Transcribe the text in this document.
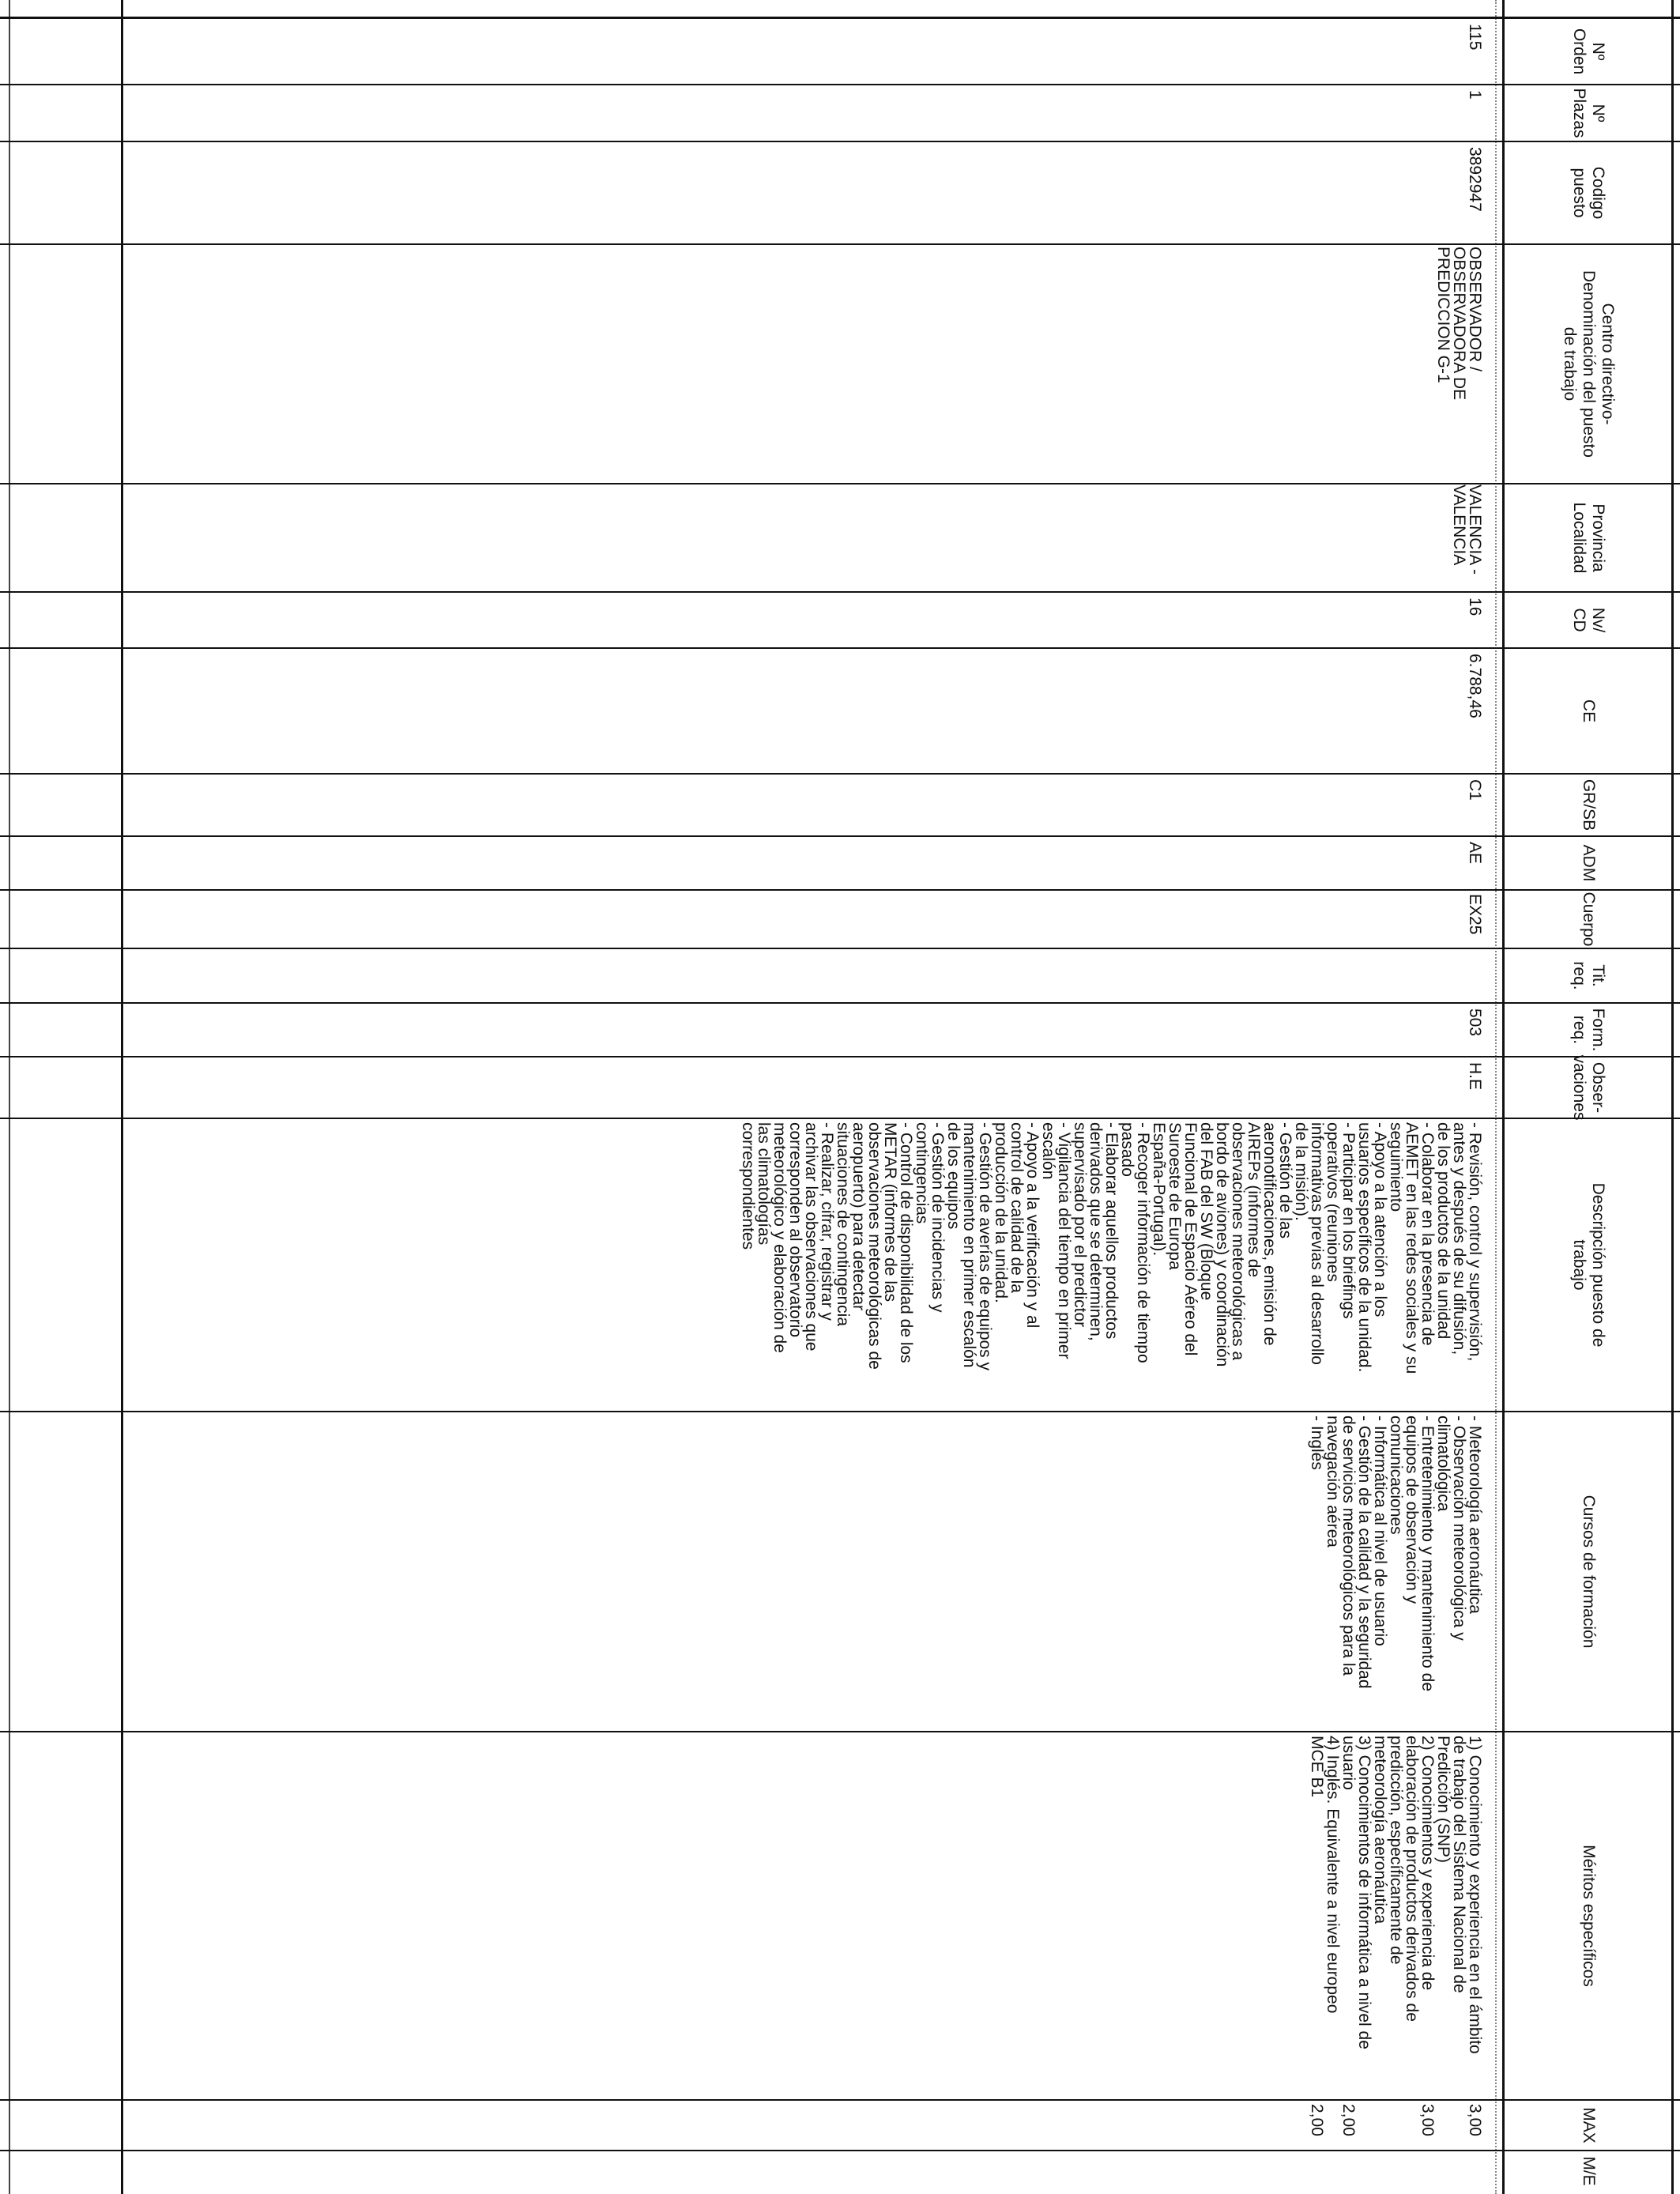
Nº
Orden
Nº
Plazas
Codigo
puesto
Centro directivo-
Denominación del puesto
de trabajo
Provincia
Localidad
Nv/
CD
CE
GR/SB
ADM
Cuerpo
Tit.
req.
Form.
req.
Obser-
vaciones
Descripción puesto de
trabajo
Cursos de formación
Méritos específicos
MAX
M/E
115
1
3892947
OBSERVADOR /
OBSERVADORA DE
PREDICCION G-1
VALENCIA -
VALENCIA
16
6.788,46
C1
AE
EX25
503
H.E
- Revisión, control y supervisión,
antes y después de su difusión,
de los productos de la unidad
- Colaborar en la presencia de
AEMET en las redes sociales y su
seguimiento
- Apoyo a la atención a los
usuarios específicos de la unidad.
- Participar en los briefings
operativos (reuniones
informativas previas al desarrollo
de la misión).
- Gestión de las
aeronotificaciones, emisión de
AIREPs (informes de
observaciones meteorológicas a
bordo de aviones) y coordinación
del FAB del SW (Bloque
Funcional de Espacio Aéreo del
Suroeste de Europa
España-Portugal).
- Recoger información de tiempo
pasado
- Elaborar aquellos productos
derivados que se determinen,
supervisado por el predictor
- Vigilancia del tiempo en primer
escalón
- Apoyo a la verificación y al
control de calidad de la
producción de la unidad.
- Gestión de averías de equipos y
mantenimiento en primer escalón
de los equipos
- Gestión de incidencias y
contingencias
- Control de disponibilidad de los
METAR (informes de las
observaciones meteorológicas de
aeropuerto) para detectar
situaciones de contingencia
- Realizar, cifrar, registrar y
archivar las observaciones que
corresponden al observatorio
meteorológico y elaboración de
las climatologías
correspondientes
- Meteorología aeronáutica
- Observación meteorológica y
climatológica
- Entretenimiento y mantenimiento de
equipos de observación y
comunicaciones
- Informática al nivel de usuario
- Gestión de la calidad y la seguridad
de servicios meteorológicos para la
navegación aérea
- Inglés
1) Conocimiento y experiencia en el ámbito
de trabajo del Sistema Nacional de
Predicción (SNP)
2) Conocimientos y experiencia de
elaboración de productos derivados de
predicción, específicamente de
meteorología aeronáutica
3) Conocimientos de informática a nivel de
usuario
4) Inglés. Equivalente a nivel europeo
MCE B1

3,00

3,00

2,00

2,00
